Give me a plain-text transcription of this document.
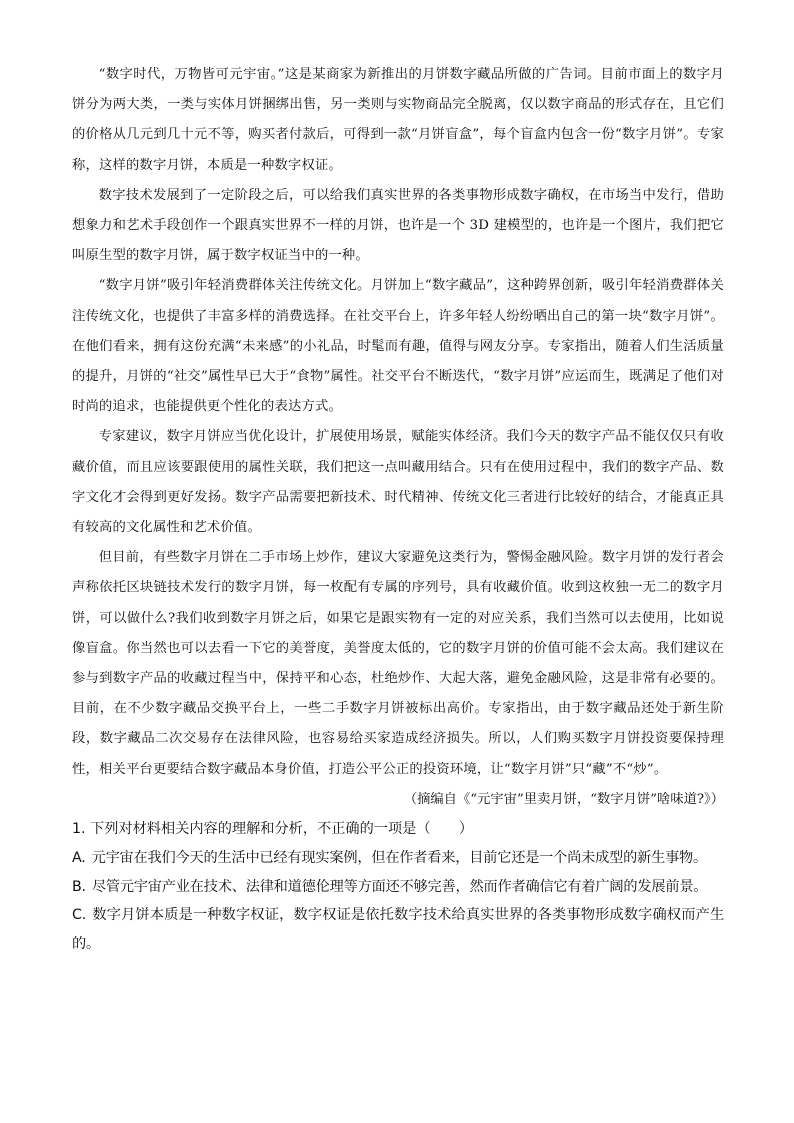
“数字时代，万物皆可元宇宙。”这是某商家为新推出的月饼数字藏品所做的广告词。目前市面上的数字月饼分为两大类，一类与实体月饼捆绑出售，另一类则与实物商品完全脱离，仅以数字商品的形式存在，且它们的价格从几元到几十元不等，购买者付款后，可得到一款“月饼盲盒”，每个盲盒内包含一份“数字月饼”。专家称，这样的数字月饼，本质是一种数字权证。

数字技术发展到了一定阶段之后，可以给我们真实世界的各类事物形成数字确权，在市场当中发行，借助想象力和艺术手段创作一个跟真实世界不一样的月饼，也许是一个 3D 建模型的，也许是一个图片，我们把它叫原生型的数字月饼，属于数字权证当中的一种。

“数字月饼”吸引年轻消费群体关注传统文化。月饼加上“数字藏品”，这种跨界创新，吸引年轻消费群体关注传统文化，也提供了丰富多样的消费选择。在社交平台上，许多年轻人纷纷晒出自己的第一块“数字月饼”。在他们看来，拥有这份充满“未来感”的小礼品，时髦而有趣，值得与网友分享。专家指出，随着人们生活质量的提升，月饼的“社交”属性早已大于“食物”属性。社交平台不断迭代，“数字月饼”应运而生，既满足了他们对时尚的追求，也能提供更个性化的表达方式。

专家建议，数字月饼应当优化设计，扩展使用场景，赋能实体经济。我们今天的数字产品不能仅仅只有收藏价值，而且应该要跟使用的属性关联，我们把这一点叫藏用结合。只有在使用过程中，我们的数字产品、数字文化才会得到更好发扬。数字产品需要把新技术、时代精神、传统文化三者进行比较好的结合，才能真正具有较高的文化属性和艺术价值。

但目前，有些数字月饼在二手市场上炒作，建议大家避免这类行为，警惕金融风险。数字月饼的发行者会声称依托区块链技术发行的数字月饼，每一枚配有专属的序列号，具有收藏价值。收到这枚独一无二的数字月饼，可以做什么?我们收到数字月饼之后，如果它是跟实物有一定的对应关系，我们当然可以去使用，比如说像盲盒。你当然也可以去看一下它的美誉度，美誉度太低的，它的数字月饼的价值可能不会太高。我们建议在参与到数字产品的收藏过程当中，保持平和心态，杜绝炒作、大起大落，避免金融风险，这是非常有必要的。目前，在不少数字藏品交换平台上，一些二手数字月饼被标出高价。专家指出，由于数字藏品还处于新生阶段，数字藏品二次交易存在法律风险，也容易给买家造成经济损失。所以，人们购买数字月饼投资要保持理性，相关平台更要结合数字藏品本身价值，打造公平公正的投资环境，让“数字月饼”只“藏”不“炒”。

（摘编自《“元宇宙”里卖月饼，“数字月饼”啥味道?》）

1. 下列对材料相关内容的理解和分析，不正确的一项是（　　）

A. 元宇宙在我们今天的生活中已经有现实案例，但在作者看来，目前它还是一个尚未成型的新生事物。

B. 尽管元宇宙产业在技术、法律和道德伦理等方面还不够完善，然而作者确信它有着广阔的发展前景。

C. 数字月饼本质是一种数字权证，数字权证是依托数字技术给真实世界的各类事物形成数字确权而产生的。
